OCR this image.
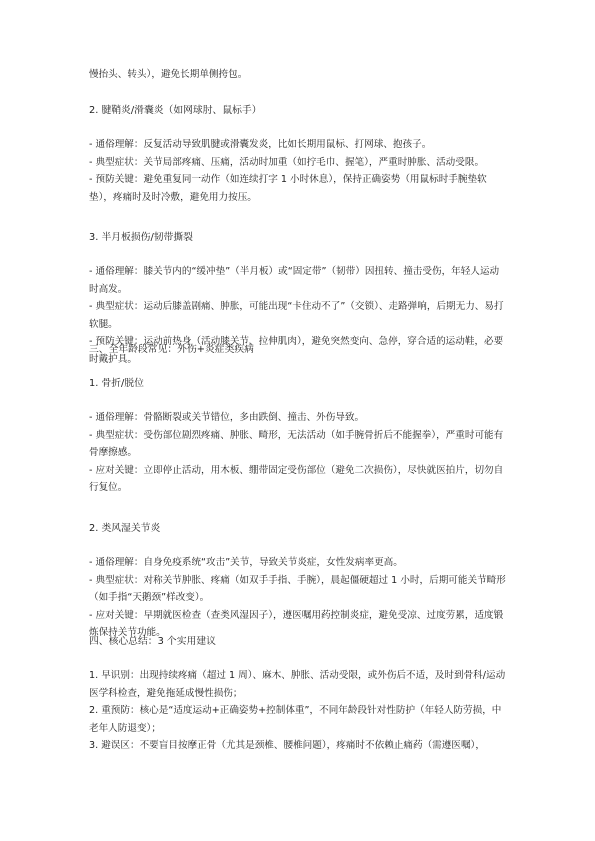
慢抬头、转头），避免长期单侧挎包。

2. 腱鞘炎/滑囊炎（如网球肘、鼠标手）

- 通俗理解：反复活动导致肌腱或滑囊发炎，比如长期用鼠标、打网球、抱孩子。

- 典型症状：关节局部疼痛、压痛，活动时加重（如拧毛巾、握笔），严重时肿胀、活动受限。

- 预防关键：避免重复同一动作（如连续打字 1 小时休息），保持正确姿势（用鼠标时手腕垫软垫），疼痛时及时冷敷，避免用力按压。

3. 半月板损伤/韧带撕裂

- 通俗理解：膝关节内的“缓冲垫”（半月板）或“固定带”（韧带）因扭转、撞击受伤，年轻人运动时高发。

- 典型症状：运动后膝盖剧痛、肿胀，可能出现“卡住动不了”（交锁）、走路弹响，后期无力、易打软腿。

- 预防关键：运动前热身（活动膝关节、拉伸肌肉），避免突然变向、急停，穿合适的运动鞋，必要时戴护具。

三、全年龄段常见：外伤+炎症类疾病

1. 骨折/脱位

- 通俗理解：骨骼断裂或关节错位，多由跌倒、撞击、外伤导致。

- 典型症状：受伤部位剧烈疼痛、肿胀、畸形，无法活动（如手腕骨折后不能握拳），严重时可能有骨摩擦感。

- 应对关键：立即停止活动，用木板、绷带固定受伤部位（避免二次损伤），尽快就医拍片，切勿自行复位。

2. 类风湿关节炎

- 通俗理解：自身免疫系统“攻击”关节，导致关节炎症，女性发病率更高。

- 典型症状：对称关节肿胀、疼痛（如双手手指、手腕），晨起僵硬超过 1 小时，后期可能关节畸形（如手指“天鹅颈”样改变）。

- 应对关键：早期就医检查（查类风湿因子），遵医嘱用药控制炎症，避免受凉、过度劳累，适度锻炼保持关节功能。

四、核心总结：3 个实用建议

1. 早识别：出现持续疼痛（超过 1 周）、麻木、肿胀、活动受限，或外伤后不适，及时到骨科/运动医学科检查，避免拖延成慢性损伤；

2. 重预防：核心是“适度运动+正确姿势+控制体重”，不同年龄段针对性防护（年轻人防劳损，中老年人防退变）；

3. 避误区：不要盲目按摩正骨（尤其是颈椎、腰椎问题），疼痛时不依赖止痛药（需遵医嘱），
